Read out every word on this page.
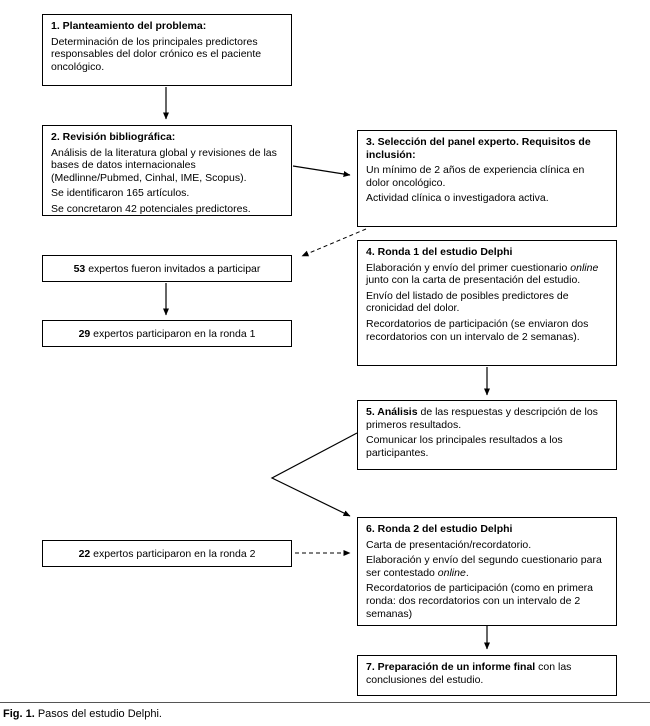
1. Planteamiento del problema:

Determinación de los principales predictores responsables del dolor crónico es el paciente oncológico.

2. Revisión bibliográfica:

Análisis de la literatura global y revisiones de las bases de datos internacionales (Medlinne/Pubmed, Cinhal, IME, Scopus).

Se identificaron 165 artículos.

Se concretaron 42 potenciales predictores.

3. Selección del panel experto. Requisitos de inclusión:

Un mínimo de 2 años de experiencia clínica en dolor oncológico.

Actividad clínica o investigadora activa.

53 expertos fueron invitados a participar
29 expertos participaron en la ronda 1
4. Ronda 1 del estudio Delphi

Elaboración y envío del primer cuestionario online junto con la carta de presentación del estudio.

Envío del listado de posibles predictores de cronicidad del dolor.

Recordatorios de participación (se enviaron dos recordatorios con un intervalo de 2 semanas).

5. Análisis de las respuestas y descripción de los primeros resultados.

Comunicar los principales resultados a los participantes.

22 expertos participaron en la ronda 2
6. Ronda 2 del estudio Delphi

Carta de presentación/recordatorio.

Elaboración y envío del segundo cuestionario para ser contestado online.

Recordatorios de participación (como en primera ronda: dos recordatorios con un intervalo de 2 semanas)

7. Preparación de un informe final con las conclusiones del estudio.

Fig. 1. Pasos del estudio Delphi.
